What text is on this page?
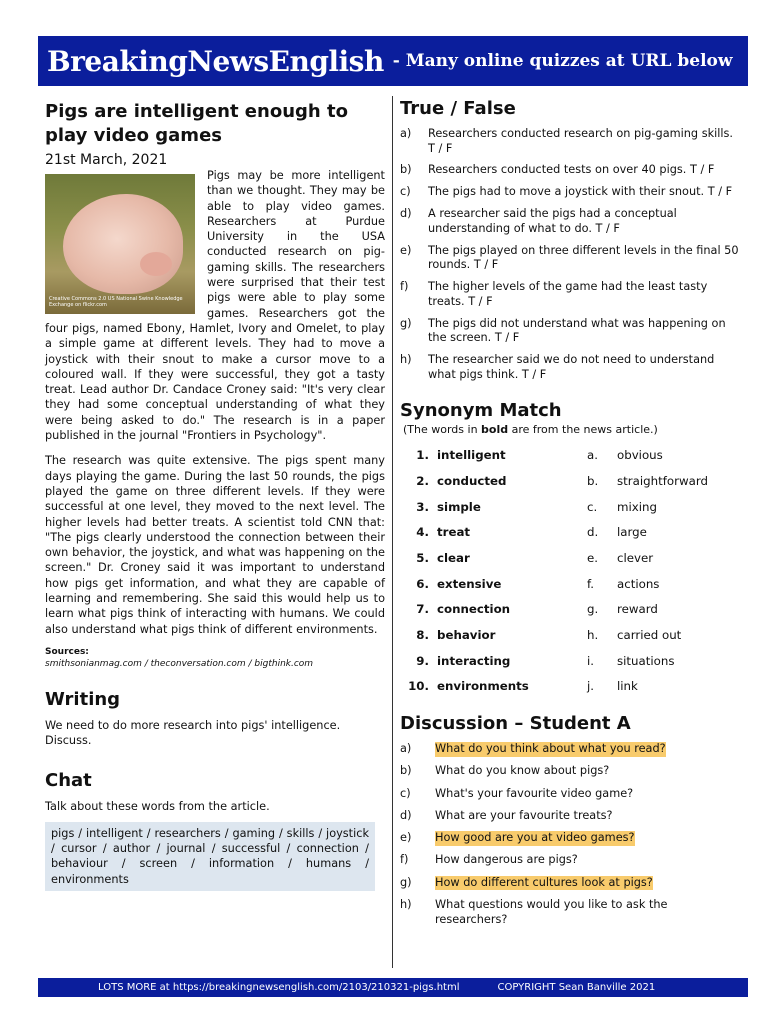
BreakingNewsEnglish - Many online quizzes at URL below
Pigs are intelligent enough to play video games
21st March, 2021
Creative Commons 2.0 US National Swine Knowledge Exchange on flickr.com

Pigs may be more intelligent than we thought. They may be able to play video games. Researchers at Purdue University in the USA conducted research on pig-gaming skills. The researchers were surprised that their test pigs were able to play some games. Researchers got the four pigs, named Ebony, Hamlet, Ivory and Omelet, to play a simple game at different levels. They had to move a joystick with their snout to make a cursor move to a coloured wall. If they were successful, they got a tasty treat. Lead author Dr. Candace Croney said: "It's very clear they had some conceptual understanding of what they were being asked to do." The research is in a paper published in the journal "Frontiers in Psychology".

The research was quite extensive. The pigs spent many days playing the game. During the last 50 rounds, the pigs played the game on three different levels. If they were successful at one level, they moved to the next level. The higher levels had better treats. A scientist told CNN that: "The pigs clearly understood the connection between their own behavior, the joystick, and what was happening on the screen." Dr. Croney said it was important to understand how pigs get information, and what they are capable of learning and remembering. She said this would help us to learn what pigs think of interacting with humans. We could also understand what pigs think of different environments.

Sources:
smithsonianmag.com / theconversation.com / bigthink.com
Writing
We need to do more research into pigs' intelligence. Discuss.
Chat
Talk about these words from the article.
pigs / intelligent / researchers / gaming / skills / joystick / cursor / author / journal / successful / connection / behaviour / screen / information / humans / environments
True / False
a)	Researchers conducted research on pig-gaming skills. T / F
b)	Researchers conducted tests on over 40 pigs. T / F
c)	The pigs had to move a joystick with their snout. T / F
d)	A researcher said the pigs had a conceptual understanding of what to do. T / F
e)	The pigs played on three different levels in the final 50 rounds. T / F
f)	The higher levels of the game had the least tasty treats. T / F
g)	The pigs did not understand what was happening on the screen. T / F
h)	The researcher said we do not need to understand what pigs think. T / F
Synonym Match
(The words in bold are from the news article.)
1. intelligent	a.	obvious
2. conducted	b.	straightforward
3. simple	c.	mixing
4. treat	d.	large
5. clear	e.	clever
6. extensive	f.	actions
7. connection	g.	reward
8. behavior	h.	carried out
9. interacting	i.	situations
10. environments	j.	link
Discussion – Student A
a)	What do you think about what you read?
b)	What do you know about pigs?
c)	What's your favourite video game?
d)	What are your favourite treats?
e)	How good are you at video games?
f)	How dangerous are pigs?
g)	How do different cultures look at pigs?
h)	What questions would you like to ask the researchers?
LOTS MORE at https://breakingnewsenglish.com/2103/210321-pigs.html	COPYRIGHT Sean Banville 2021
